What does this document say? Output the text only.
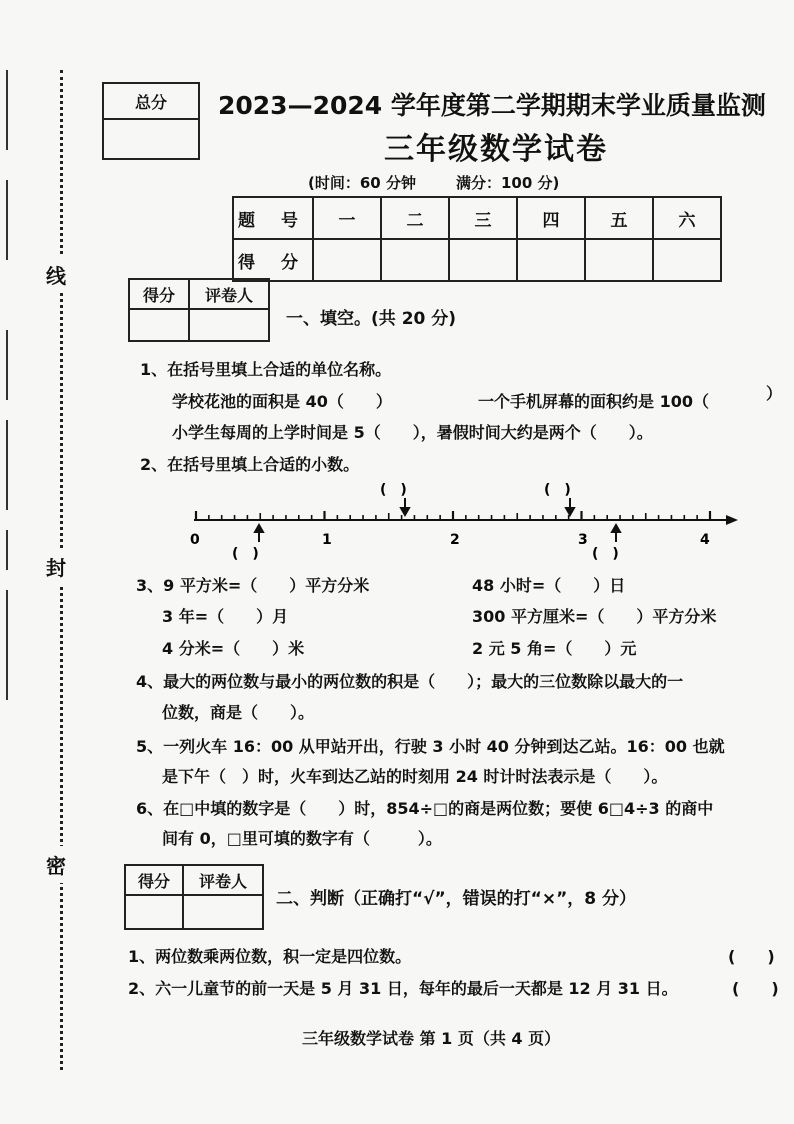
线
封
密
总分 2023—2024 学年度第二学期期末学业质量监测
三年级数学试卷
(时间：60 分钟	满分：100 分)
题 号	一	二	三	四	五	六
得 分						
得分	评卷人

一、填空。(共 20 分)
1、在括号里填上合适的单位名称。
学校花池的面积是 40（　　）	一个手机屏幕的面积约是 100（	）
小学生每周的上学时间是 5（　　），暑假时间大约是两个（　　）。
2、在括号里填上合适的小数。
(　)	(　)
(　)	(　)
0	1	2	3	4
3、9 平方米=（　　）平方分米	48 小时=（　　）日
3 年=（　　）月	300 平方厘米=（　　）平方分米
4 分米=（　　）米	2 元 5 角=（　　）元
4、最大的两位数与最小的两位数的积是（　　）；最大的三位数除以最大的一
位数，商是（　　）。
5、一列火车 16：00 从甲站开出，行驶 3 小时 40 分钟到达乙站。16：00 也就
是下午（　）时，火车到达乙站的时刻用 24 时计时法表示是（　　）。
6、在□中填的数字是（　　）时，854÷□的商是两位数；要使 6□4÷3 的商中
间有 0，□里可填的数字有（　　　）。
得分	评卷人

二、判断（正确打“√”，错误的打“×”，8 分）
1、两位数乘两位数，积一定是四位数。	(　　)
2、六一儿童节的前一天是 5 月 31 日，每年的最后一天都是 12 月 31 日。	(　　)
三年级数学试卷 第 1 页（共 4 页）
